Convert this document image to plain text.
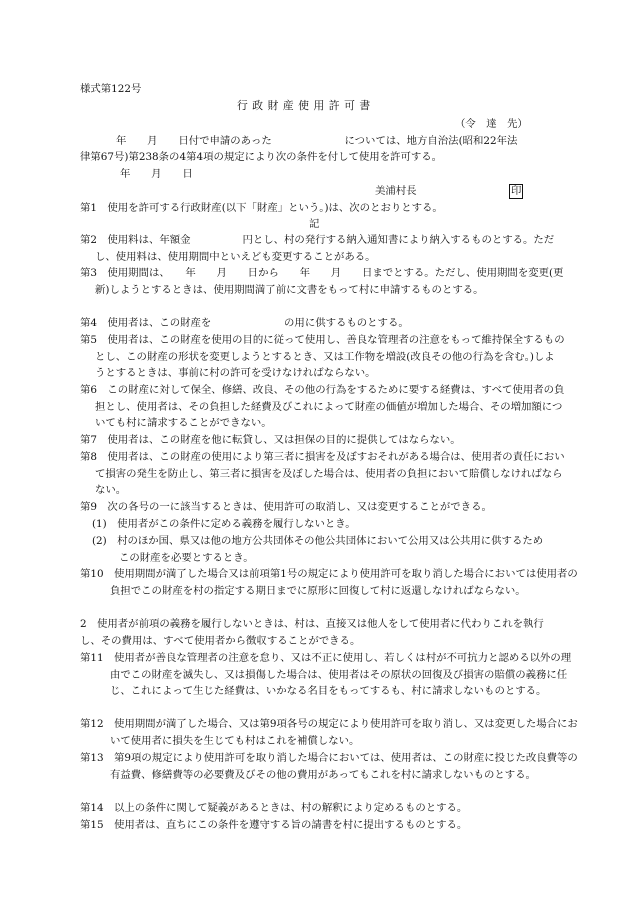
様式第122号
行政財産使用許可書
（令　達　先）
年　　月　　日付で申請のあった　　　　　　　については、地方自治法(昭和22年法
律第67号)第238条の4第4項の規定により次の条件を付して使用を許可する。
年　　月　　日
美浦村長	印
第1　 使用を許可する行政財産(以下「財産」という。)は、次のとおりとする。
記
第2　 使用料は、年額金　　　　　円とし、村の発行する納入通知書により納入するものとする。ただし、使用料は、使用期間中といえども変更することがある。
第3　 使用期間は、　　年　　月　　日から　　年　　月　　日までとする。ただし、使用期間を変更(更新)しようとするときは、使用期間満了前に文書をもって村に申請するものとする。
第4　 使用者は、この財産を　　　　　　　の用に供するものとする。
第5　 使用者は、この財産を使用の目的に従って使用し、善良な管理者の注意をもって維持保全するものとし、この財産の形状を変更しようとするとき、又は工作物を増設(改良その他の行為を含む。)しようとするときは、事前に村の許可を受けなければならない。
第6　 この財産に対して保全、修繕、改良、その他の行為をするために要する経費は、すべて使用者の負担とし、使用者は、その負担した経費及びこれによって財産の価値が増加した場合、その増加額についても村に請求することができない。
第7　 使用者は、この財産を他に転貸し、又は担保の目的に提供してはならない。
第8　 使用者は、この財産の使用により第三者に損害を及ぼすおそれがある場合は、使用者の責任において損害の発生を防止し、第三者に損害を及ぼした場合は、使用者の負担において賠償しなければならない。
第9　 次の各号の一に該当するときは、使用許可の取消し、又は変更することができる。
(1)　 使用者がこの条件に定める義務を履行しないとき。
(2)　 村のほか国、県又は他の地方公共団体その他公共団体において公用又は公共用に供するためこの財産を必要とするとき。
第10　 使用期間が満了した場合又は前項第1号の規定により使用許可を取り消した場合においては使用者の負担でこの財産を村の指定する期日までに原形に回復して村に返還しなければならない。
2　 使用者が前項の義務を履行しないときは、村は、直接又は他人をして使用者に代わりこれを執行し、その費用は、すべて使用者から徴収することができる。
第11　 使用者が善良な管理者の注意を怠り、又は不正に使用し、若しくは村が不可抗力と認める以外の理由でこの財産を滅失し、又は損傷した場合は、使用者はその原状の回復及び損害の賠償の義務に任じ、これによって生じた経費は、いかなる名目をもってするも、村に請求しないものとする。
第12　 使用期間が満了した場合、又は第9項各号の規定により使用許可を取り消し、又は変更した場合において使用者に損失を生じても村はこれを補償しない。
第13　 第9項の規定により使用許可を取り消した場合においては、使用者は、この財産に投じた改良費等の有益費、修繕費等の必要費及びその他の費用があってもこれを村に請求しないものとする。
第14　 以上の条件に関して疑義があるときは、村の解釈により定めるものとする。
第15　 使用者は、直ちにこの条件を遵守する旨の請書を村に提出するものとする。
